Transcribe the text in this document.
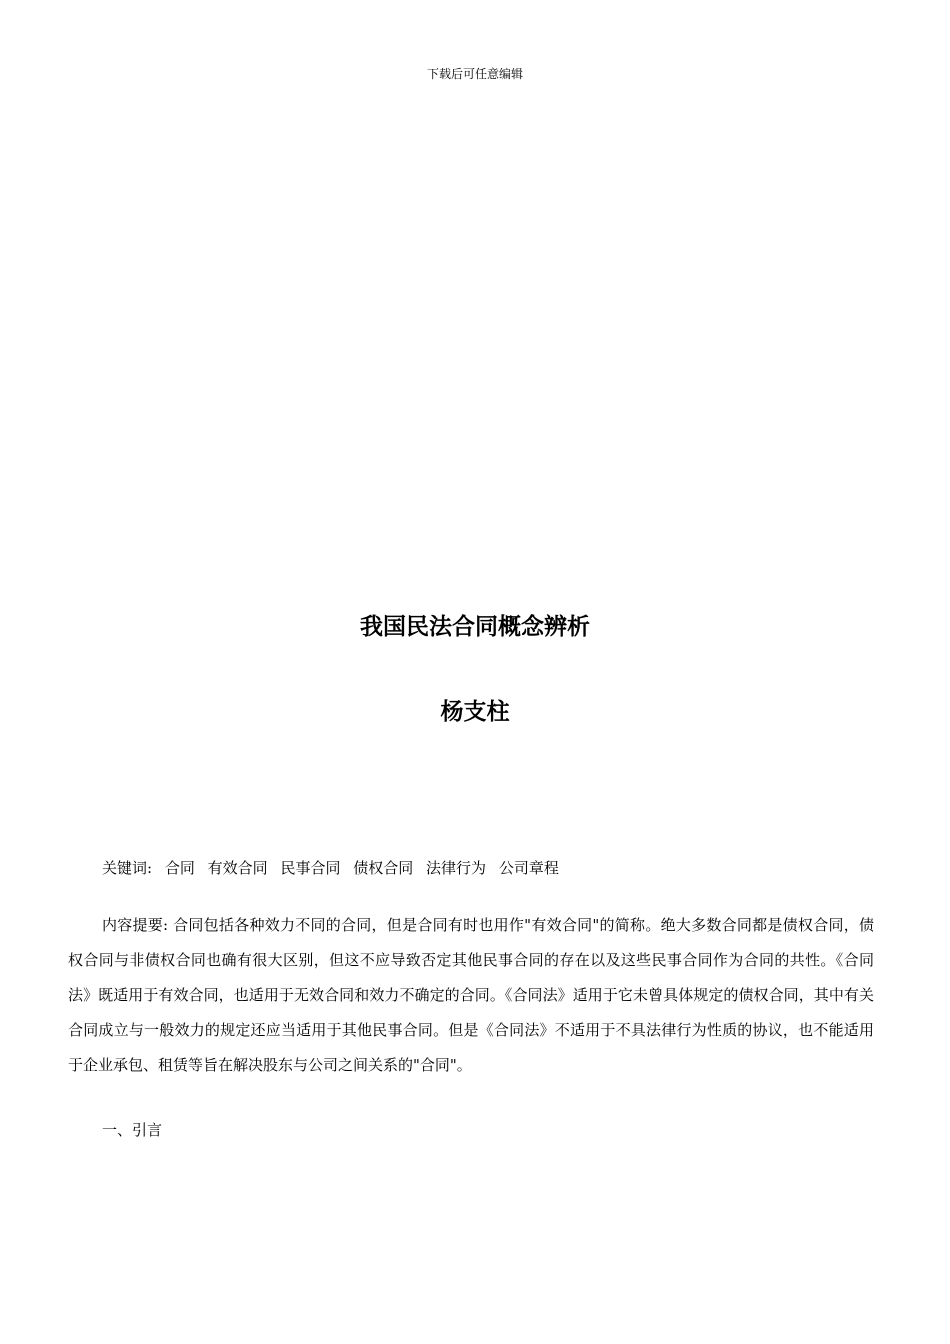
下载后可任意编辑
我国民法合同概念辨析
杨支柱
关键词: 合同 有效合同 民事合同 债权合同 法律行为 公司章程

内容提要: 合同包括各种效力不同的合同，但是合同有时也用作"有效合同"的简称。绝大多数合同都是债权合同，债权合同与非债权合同也确有很大区别，但这不应导致否定其他民事合同的存在以及这些民事合同作为合同的共性。《合同法》既适用于有效合同，也适用于无效合同和效力不确定的合同。《合同法》适用于它未曾具体规定的债权合同，其中有关合同成立与一般效力的规定还应当适用于其他民事合同。但是《合同法》不适用于不具法律行为性质的协议，也不能适用于企业承包、租赁等旨在解决股东与公司之间关系的"合同"。

一、引言
